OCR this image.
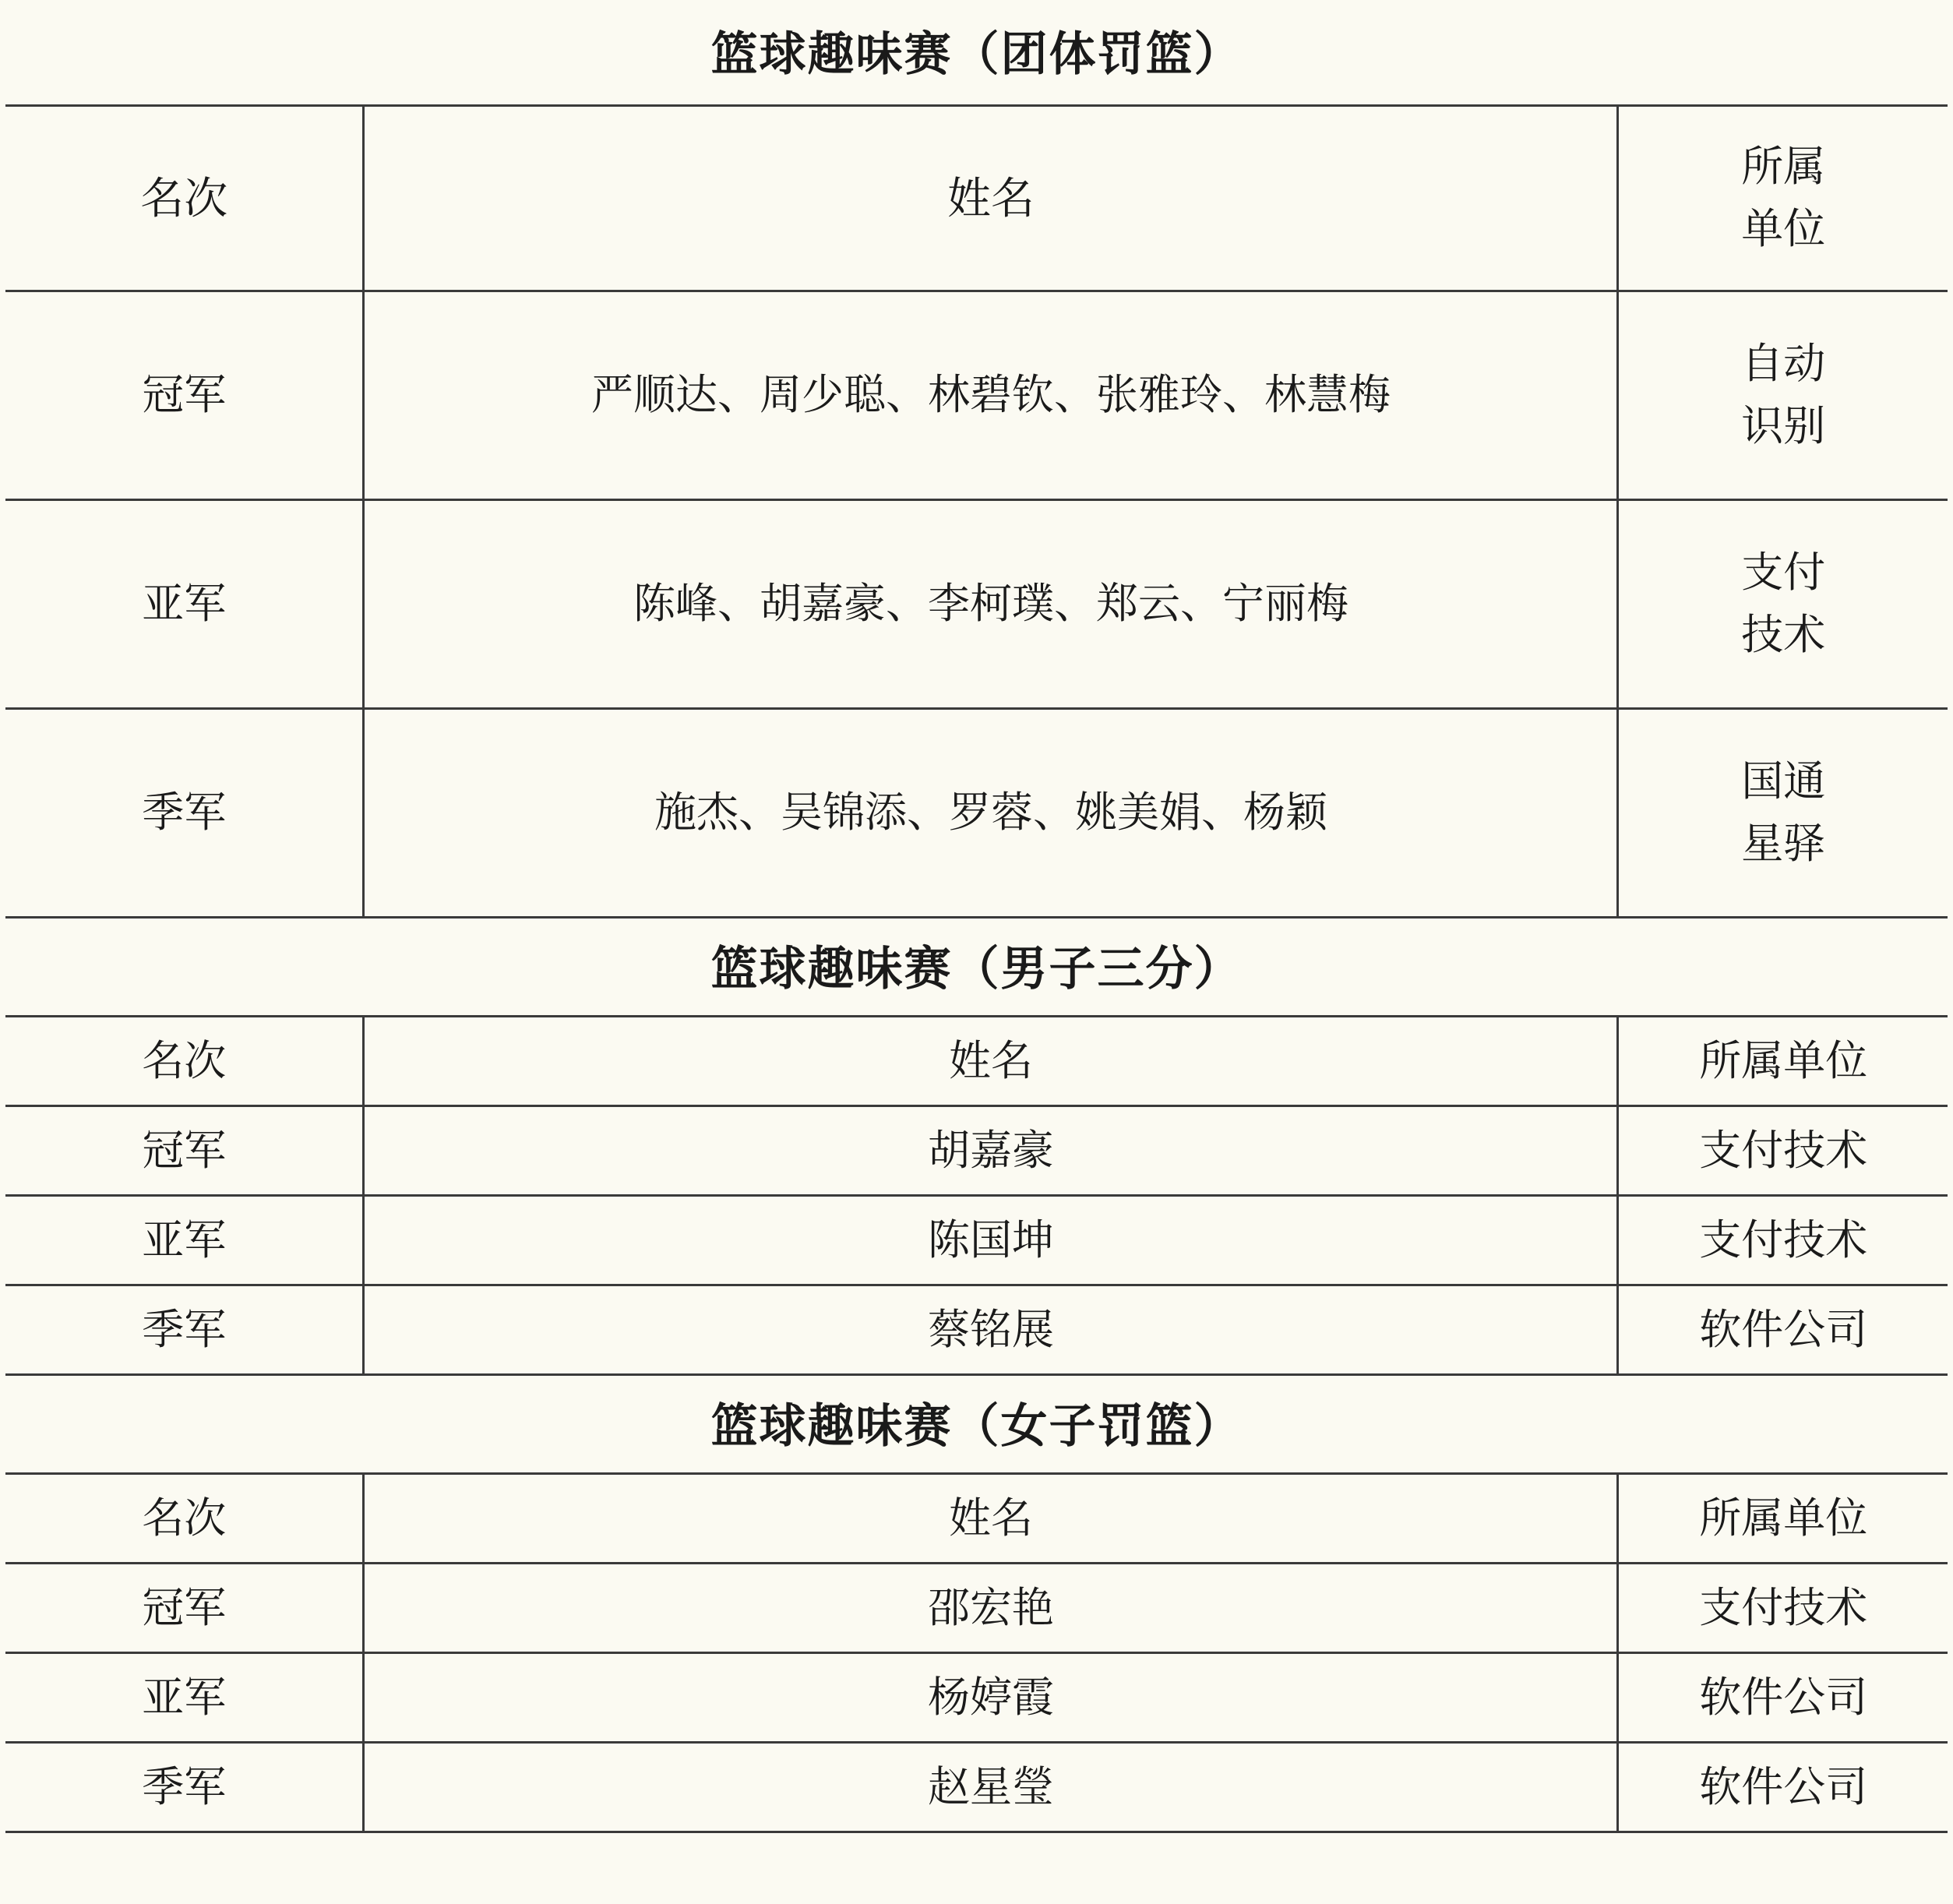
篮球趣味赛（团体罚篮）		
名次	姓名	所属
单位

冠军	严顺达、周少聪、林碧钦、张雅玲、林慧梅	自动
识别

亚军	陈峰、胡嘉豪、李柯璞、郑云、宁丽梅	支付
技术

季军	施杰、吴锦添、罗蓉、姚美娟、杨颖	国通
星驿

篮球趣味赛（男子三分）		
名次	姓名	所属单位
冠军	胡嘉豪	支付技术
亚军	陈国坤	支付技术
季军	蔡铭展	软件公司
篮球趣味赛（女子罚篮）		
名次	姓名	所属单位
冠军	邵宏艳	支付技术
亚军	杨婷霞	软件公司
季军	赵星瑩	软件公司
